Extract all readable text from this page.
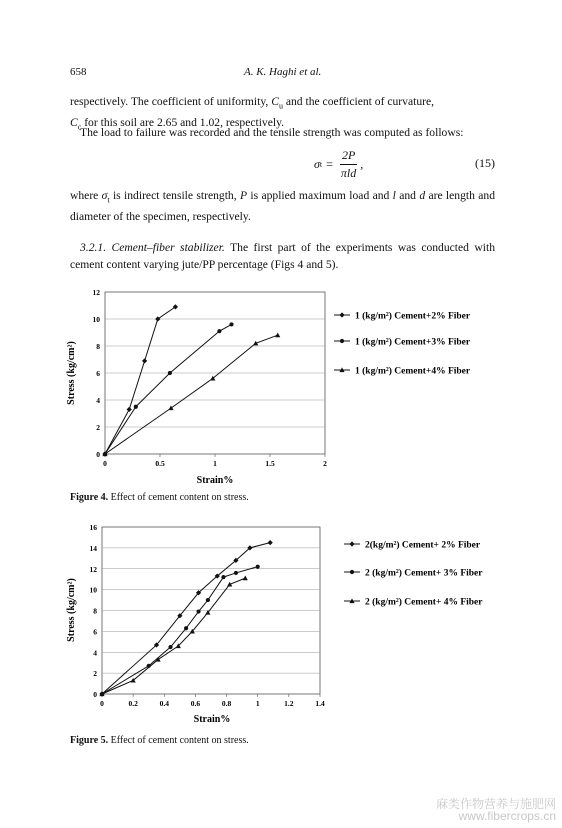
658	A. K. Haghi et al.
respectively. The coefficient of uniformity, $C_u$ and the coefficient of curvature,
$C_c$ for this soil are 2.65 and 1.02, respectively.
The load to failure was recorded and the tensile strength was computed as follows:
σ $t = \frac{2P}{\text{πld}}$ ,	(15)
where $\sigma_t$ is indirect tensile strength, P is applied maximum load and l and d are length and diameter of the specimen, respectively.
3.2.1. Cement–fiber stabilizer. The first part of the experiments was conducted with cement content varying jute/PP percentage (Figs 4 and 5).
0
2
4
6
8
10
12
0	0.5	1	1.5	2
Stress (kg/cm²)
Strain%
1 (kg/m²) Cement+2% Fiber
1 (kg/m²) Cement+3% Fiber
1 (kg/m²) Cement+4% Fiber
Figure 4. Effect of cement content on stress.
0
2
4
6
8
10
12
14
16
0	0.2	0.4	0.6	0.8	1	1.2	1.4
Stress (kg/cm²)
Strain%
2(kg/m²) Cement+ 2% Fiber
2 (kg/m²) Cement+ 3% Fiber
2 (kg/m²) Cement+ 4% Fiber
Figure 5. Effect of cement content on stress.
麻类作物营养与施肥网
www.fibercrops.cn
